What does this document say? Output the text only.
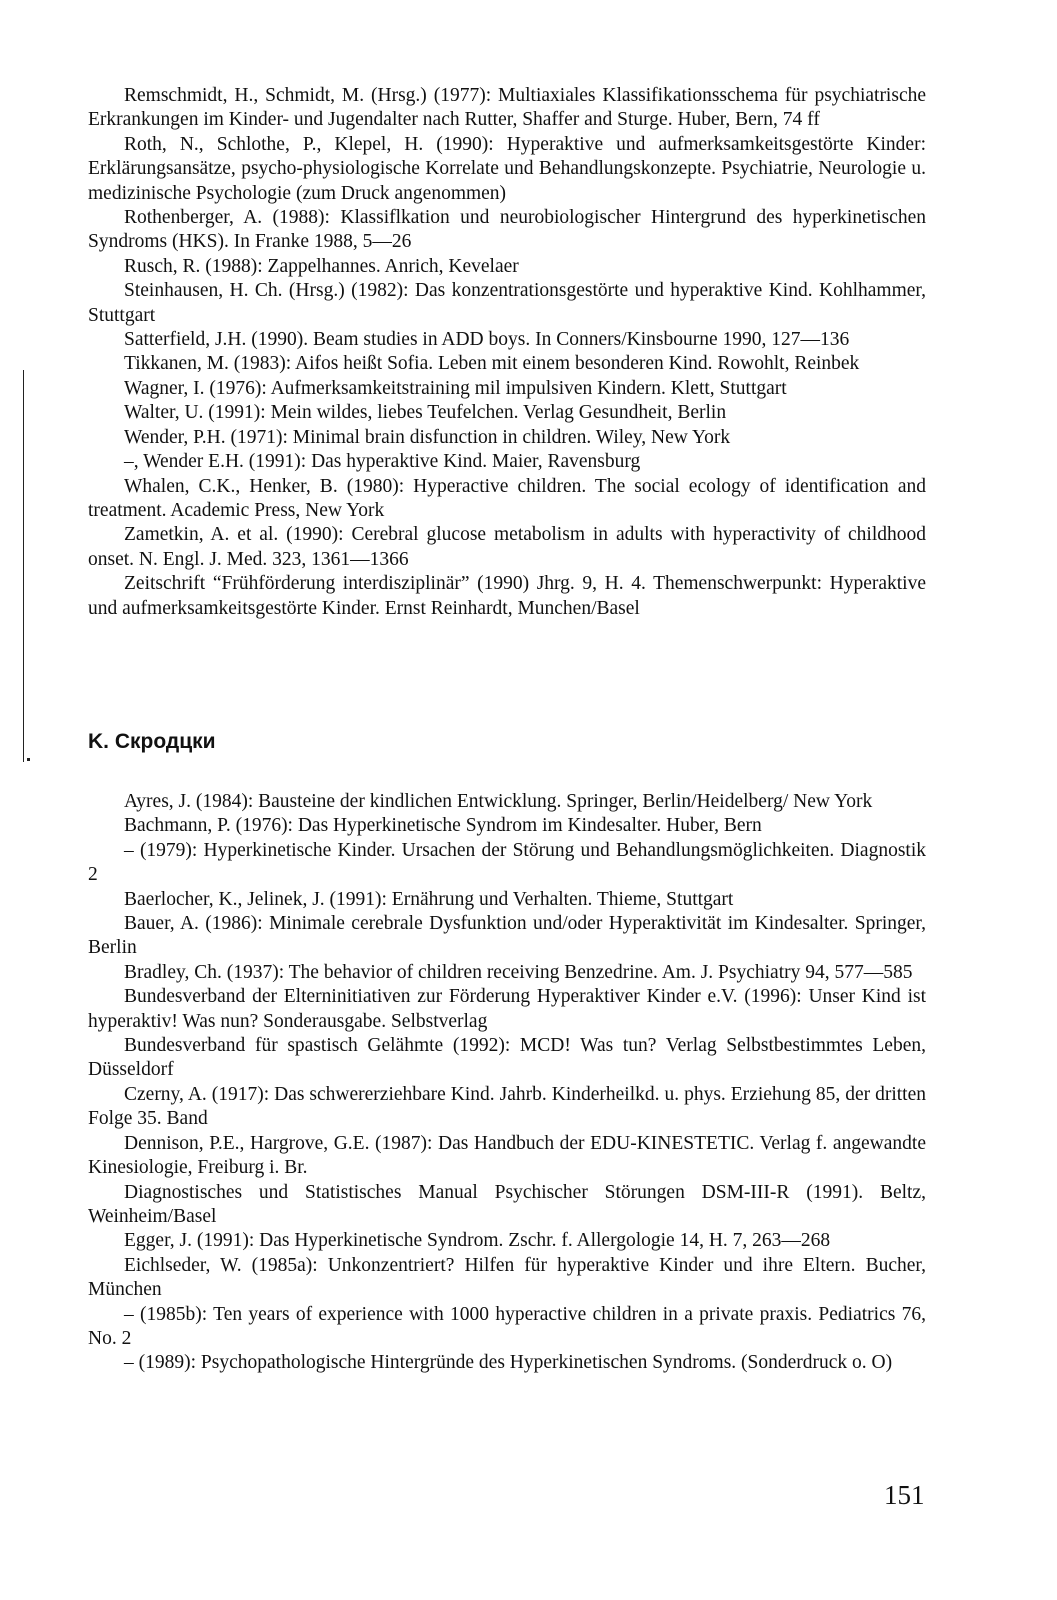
Remschmidt, H., Schmidt, M. (Hrsg.) (1977): Multiaxiales Klassifikationsschema für psychiatrische Erkrankungen im Kinder- und Jugendalter nach Rutter, Shaffer and Sturge. Huber, Bern, 74 ff

Roth, N., Schlothe, P., Klepel, H. (1990): Hyperaktive und aufmerksamkeitsgestörte Kinder: Erklärungsansätze, psycho-physiologische Korrelate und Behandlungskonzepte. Psychiatrie, Neurologie u. medizinische Psychologie (zum Druck angenommen)

Rothenberger, A. (1988): Klassiflkation und neurobiologischer Hintergrund des hyperkinetischen Syndroms (HKS). In Franke 1988, 5—26

Rusch, R. (1988): Zappelhannes. Anrich, Kevelaer

Steinhausen, H. Ch. (Hrsg.) (1982): Das konzentrationsgestörte und hyperaktive Kind. Kohlhammer, Stuttgart

Satterfield, J.H. (1990). Beam studies in ADD boys. In Conners/Kinsbourne 1990, 127—136

Tikkanen, M. (1983): Aifos heißt Sofia. Leben mit einem besonderen Kind. Rowohlt, Reinbek

Wagner, I. (1976): Aufmerksamkeitstraining mil impulsiven Kindern. Klett, Stuttgart

Walter, U. (1991): Mein wildes, liebes Teufelchen. Verlag Gesundheit, Berlin

Wender, P.H. (1971): Minimal brain disfunction in children. Wiley, New York

–, Wender E.H. (1991): Das hyperaktive Kind. Maier, Ravensburg

Whalen, C.K., Henker, B. (1980): Hyperactive children. The social ecology of identification and treatment. Academic Press, New York

Zametkin, A. et al. (1990): Cerebral glucose metabolism in adults with hyperactivity of childhood onset. N. Engl. J. Med. 323, 1361—1366

Zeitschrift “Frühförderung interdisziplinär” (1990) Jhrg. 9, H. 4. Themenschwerpunkt: Hyperaktive und aufmerksamkeitsgestörte Kinder. Ernst Reinhardt, Munchen/Basel

K. Скродцки

Ayres, J. (1984): Bausteine der kindlichen Entwicklung. Springer, Berlin/Heidelberg/ New York

Bachmann, P. (1976): Das Hyperkinetische Syndrom im Kindesalter. Huber, Bern

– (1979): Hyperkinetische Kinder. Ursachen der Störung und Behandlungsmöglichkeiten. Diagnostik 2

Baerlocher, K., Jelinek, J. (1991): Ernährung und Verhalten. Thieme, Stuttgart

Bauer, A. (1986): Minimale cerebrale Dysfunktion und/oder Hyperaktivität im Kindesalter. Springer, Berlin

Bradley, Ch. (1937): The behavior of children receiving Benzedrine. Am. J. Psychiatry 94, 577—585

Bundesverband der Elterninitiativen zur Förderung Hyperaktiver Kinder e.V. (1996): Unser Kind ist hyperaktiv! Was nun? Sonderausgabe. Selbstverlag

Bundesverband für spastisch Gelähmte (1992): MCD! Was tun? Verlag Selbstbestimmtes Leben, Düsseldorf

Czerny, A. (1917): Das schwererziehbare Kind. Jahrb. Kinderheilkd. u. phys. Erziehung 85, der dritten Folge 35. Band

Dennison, P.E., Hargrove, G.E. (1987): Das Handbuch der EDU-KINESTETIC. Verlag f. angewandte Kinesiologie, Freiburg i. Br.

Diagnostisches und Statistisches Manual Psychischer Störungen DSM-III-R (1991). Beltz, Weinheim/Basel

Egger, J. (1991): Das Hyperkinetische Syndrom. Zschr. f. Allergologie 14, H. 7, 263—268

Eichlseder, W. (1985a): Unkonzentriert? Hilfen für hyperaktive Kinder und ihre Eltern. Bucher, München

– (1985b): Ten years of experience with 1000 hyperactive children in a private praxis. Pediatrics 76, No. 2

– (1989): Psychopathologische Hintergründe des Hyperkinetischen Syndroms. (Sonderdruck o. O)

151
